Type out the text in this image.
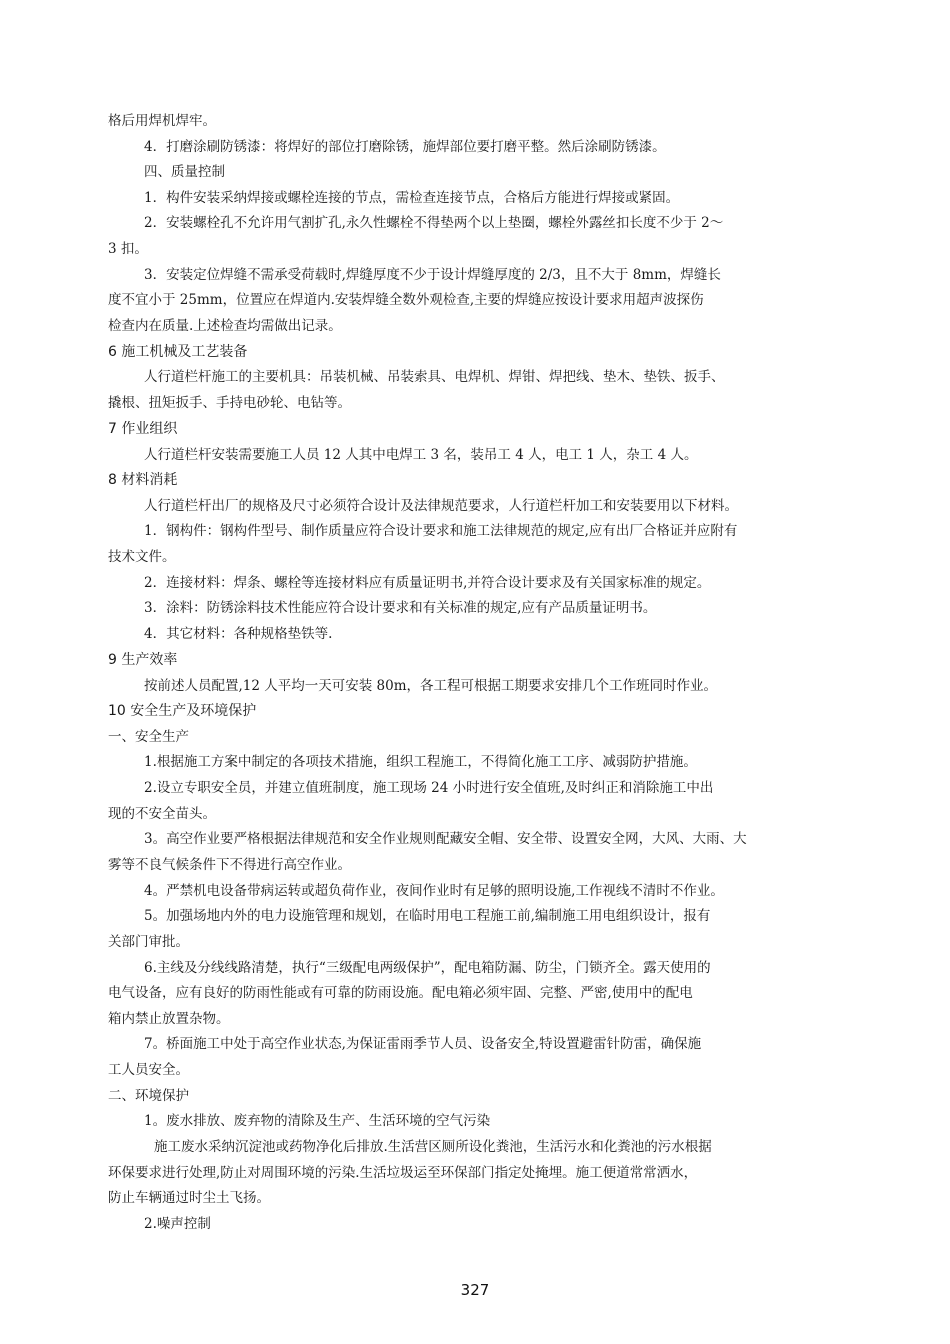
格后用焊机焊牢。
4．打磨涂刷防锈漆：将焊好的部位打磨除锈，施焊部位要打磨平整。然后涂刷防锈漆。
四、质量控制
1．构件安装采纳焊接或螺栓连接的节点，需检查连接节点，合格后方能进行焊接或紧固。
2．安装螺栓孔不允许用气割扩孔,永久性螺栓不得垫两个以上垫圈，螺栓外露丝扣长度不少于 2～
3 扣。
3．安装定位焊缝不需承受荷载时,焊缝厚度不少于设计焊缝厚度的 2/3，且不大于 8mm，焊缝长
度不宜小于 25mm，位置应在焊道内.安装焊缝全数外观检查,主要的焊缝应按设计要求用超声波探伤
检查内在质量.上述检查均需做出记录。
6 施工机械及工艺装备
人行道栏杆施工的主要机具：吊装机械、吊装索具、电焊机、焊钳、焊把线、垫木、垫铁、扳手、
撬根、扭矩扳手、手持电砂轮、电钻等。
7 作业组织
人行道栏杆安装需要施工人员 12 人其中电焊工 3 名，装吊工 4 人，电工 1 人，杂工 4 人。
8 材料消耗
人行道栏杆出厂的规格及尺寸必须符合设计及法律规范要求，人行道栏杆加工和安装要用以下材料。
1．钢构件：钢构件型号、制作质量应符合设计要求和施工法律规范的规定,应有出厂合格证并应附有
技术文件。
2．连接材料：焊条、螺栓等连接材料应有质量证明书,并符合设计要求及有关国家标准的规定。
3．涂料：防锈涂料技术性能应符合设计要求和有关标准的规定,应有产品质量证明书。
4．其它材料：各种规格垫铁等.
9 生产效率
按前述人员配置,12 人平均一天可安装 80m，各工程可根据工期要求安排几个工作班同时作业。
10 安全生产及环境保护
一、安全生产
1.根据施工方案中制定的各项技术措施，组织工程施工，不得简化施工工序、减弱防护措施。
2.设立专职安全员，并建立值班制度，施工现场 24 小时进行安全值班,及时纠正和消除施工中出
现的不安全苗头。
3。高空作业要严格根据法律规范和安全作业规则配藏安全帽、安全带、设置安全网，大风、大雨、大
雾等不良气候条件下不得进行高空作业。
4。严禁机电设备带病运转或超负荷作业，夜间作业时有足够的照明设施,工作视线不清时不作业。
5。加强场地内外的电力设施管理和规划，在临时用电工程施工前,编制施工用电组织设计，报有
关部门审批。
6.主线及分线线路清楚，执行“三级配电两级保护”，配电箱防漏、防尘，门锁齐全。露天使用的
电气设备，应有良好的防雨性能或有可靠的防雨设施。配电箱必须牢固、完整、严密,使用中的配电
箱内禁止放置杂物。
7。桥面施工中处于高空作业状态,为保证雷雨季节人员、设备安全,特设置避雷针防雷，确保施
工人员安全。
二、环境保护
1。废水排放、废弃物的清除及生产、生活环境的空气污染
施工废水采纳沉淀池或药物净化后排放.生活营区厕所设化粪池，生活污水和化粪池的污水根据
环保要求进行处理,防止对周围环境的污染.生活垃圾运至环保部门指定处掩埋。施工便道常常洒水，
防止车辆通过时尘土飞扬。
2.噪声控制
327
